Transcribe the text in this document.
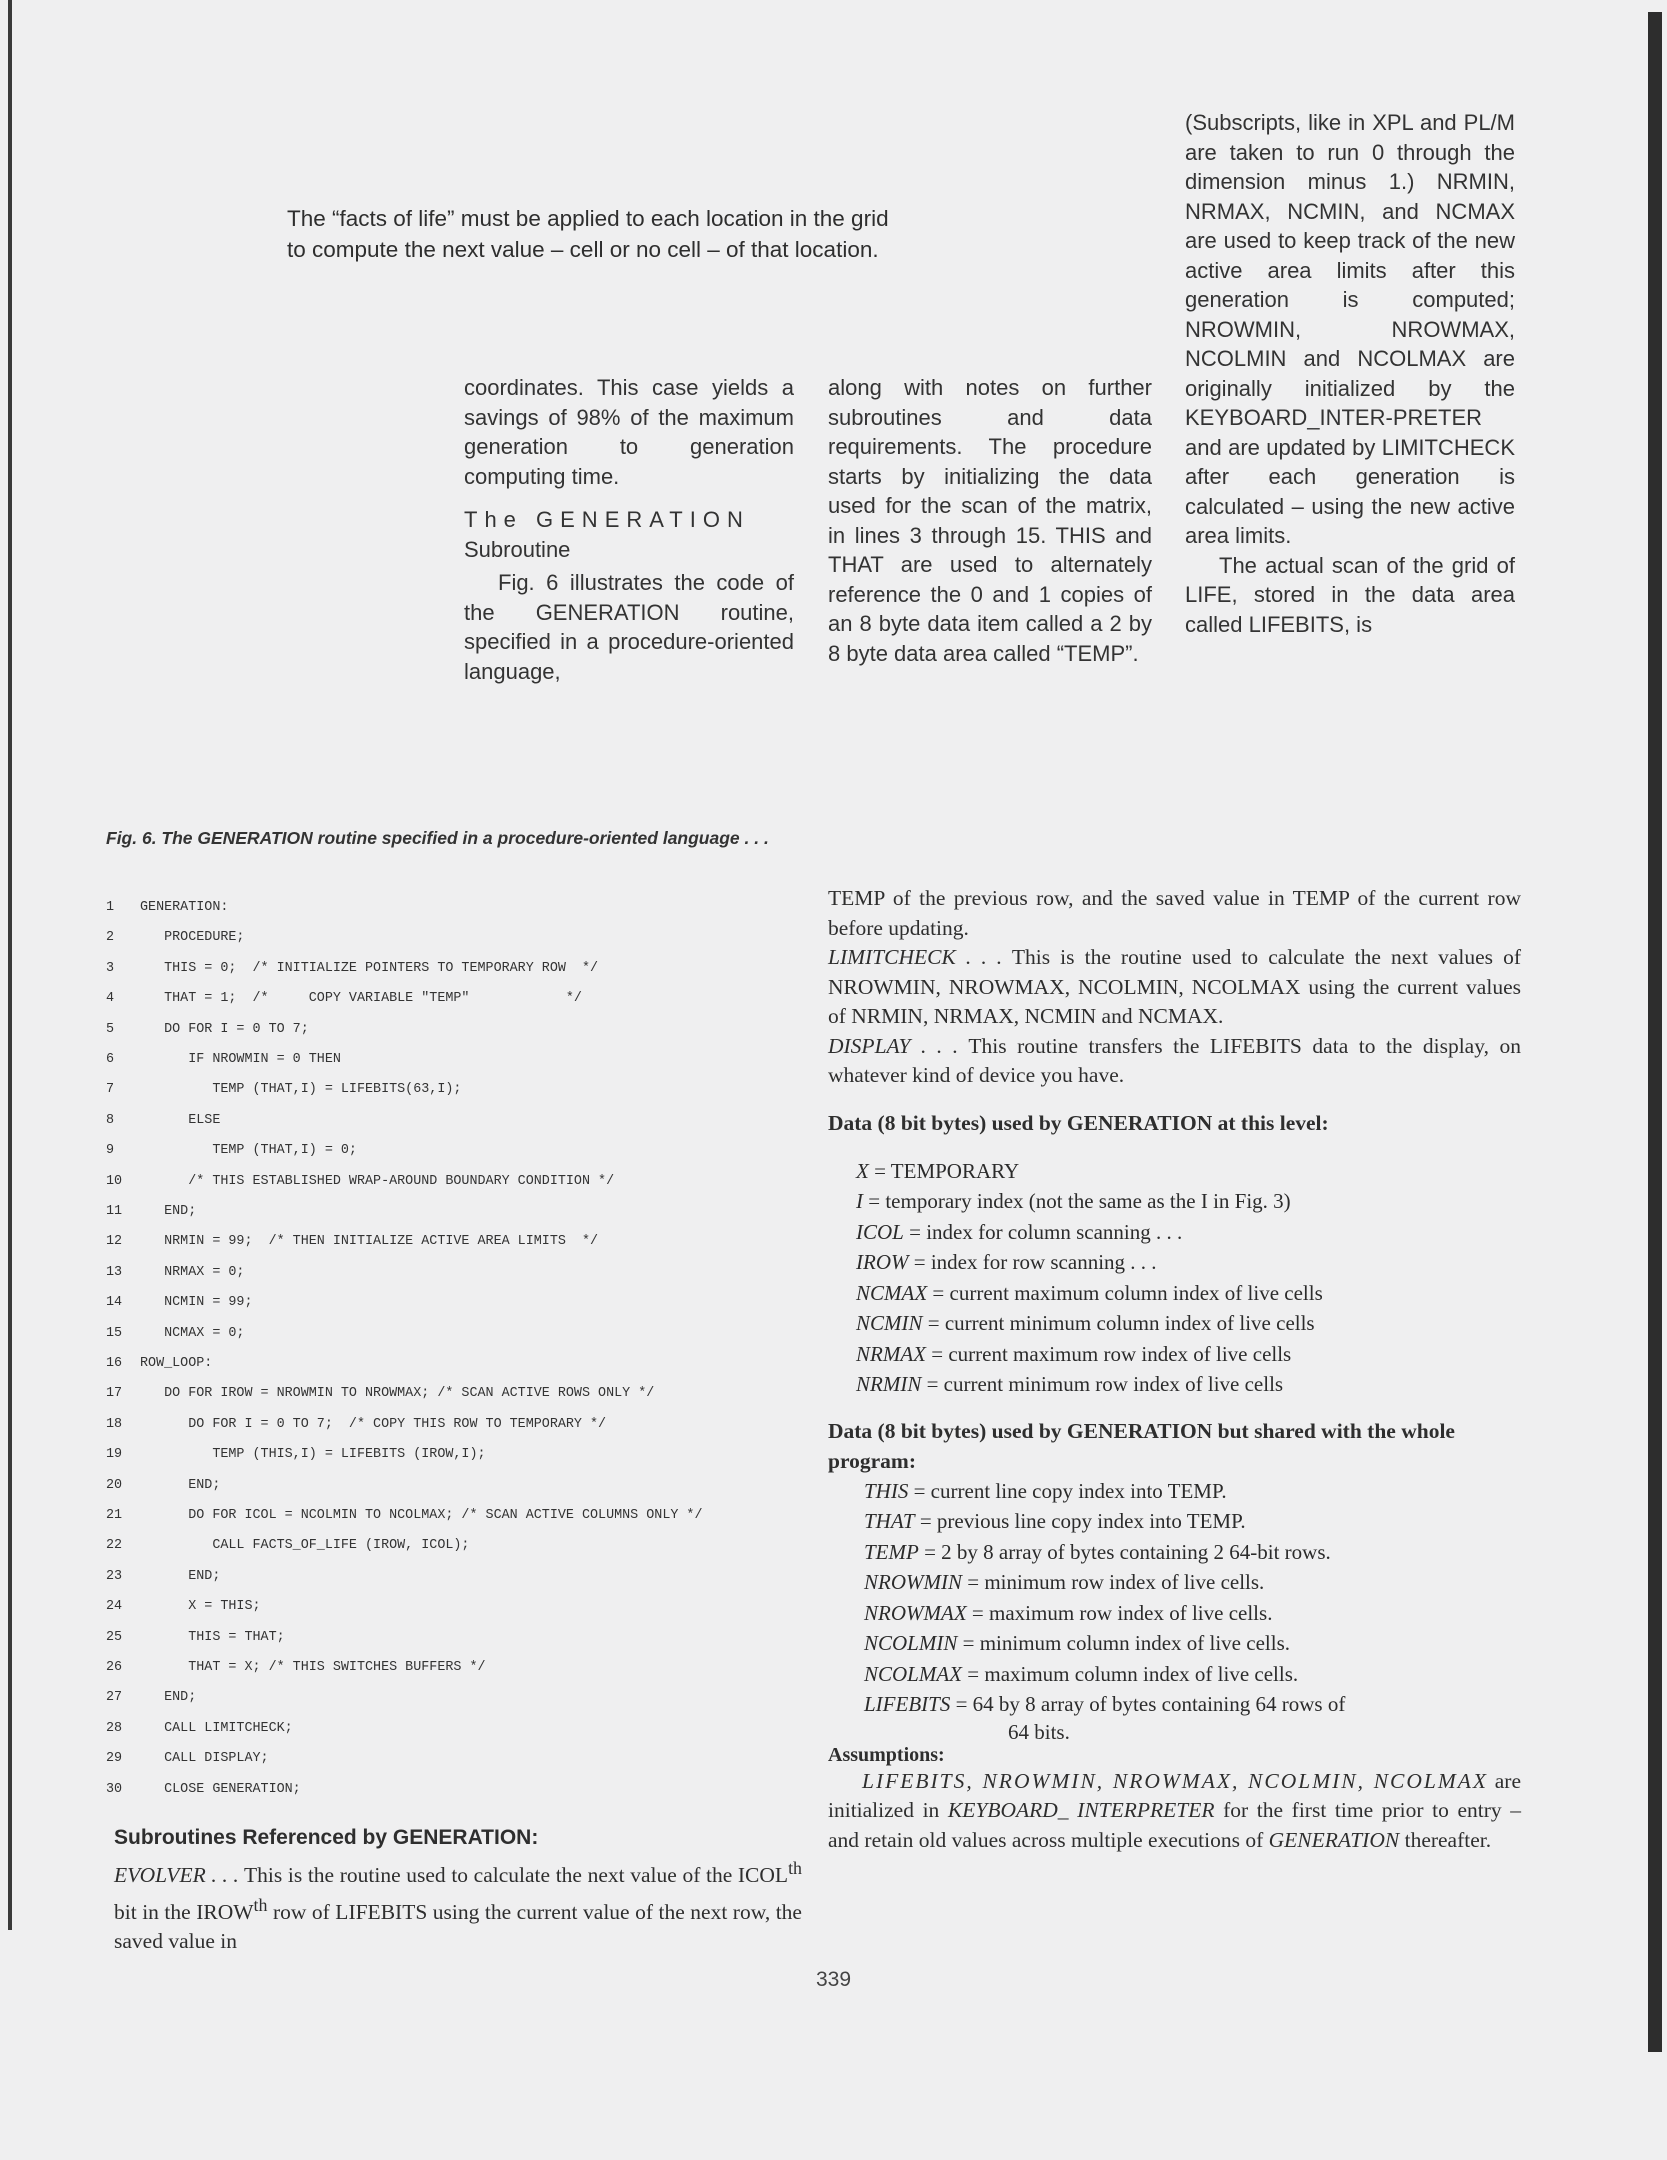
The “facts of life” must be applied to each location in the grid

to compute the next value – cell or no cell – of that location.

coordinates. This case yields a savings of 98% of the maximum generation to generation computing time.

The GENERATION

Subroutine

Fig. 6 illustrates the code of the GENERATION routine, specified in a procedure-oriented language,

along with notes on further subroutines and data requirements. The procedure starts by initializing the data used for the scan of the matrix, in lines 3 through 15. THIS and THAT are used to alternately reference the 0 and 1 copies of an 8 byte data item called a 2 by 8 byte data area called “TEMP”.

(Subscripts, like in XPL and PL/M are taken to run 0 through the dimension minus 1.) NRMIN, NRMAX, NCMIN, and NCMAX are used to keep track of the new active area limits after this generation is computed; NROWMIN, NROWMAX, NCOLMIN and NCOLMAX are originally initialized by the KEYBOARD_INTER-PRETER and are updated by LIMITCHECK after each generation is calculated – using the new active area limits.

The actual scan of the grid of LIFE, stored in the data area called LIFEBITS, is

Fig. 6. The GENERATION routine specified in a procedure-oriented language . . .
1	GENERATION:
2	PROCEDURE;
3	THIS = 0;  /* INITIALIZE POINTERS TO TEMPORARY ROW  */
4	THAT = 1;  /*     COPY VARIABLE "TEMP"            */
5	DO FOR I = 0 TO 7;
6	IF NROWMIN = 0 THEN
7	TEMP (THAT,I) = LIFEBITS(63,I);
8	ELSE
9	TEMP (THAT,I) = 0;
10	/* THIS ESTABLISHED WRAP-AROUND BOUNDARY CONDITION */
11	END;
12	NRMIN = 99;  /* THEN INITIALIZE ACTIVE AREA LIMITS  */
13	NRMAX = 0;
14	NCMIN = 99;
15	NCMAX = 0;
16	ROW_LOOP:
17	DO FOR IROW = NROWMIN TO NROWMAX; /* SCAN ACTIVE ROWS ONLY */
18	DO FOR I = 0 TO 7;  /* COPY THIS ROW TO TEMPORARY */
19	TEMP (THIS,I) = LIFEBITS (IROW,I);
20	END;
21	DO FOR ICOL = NCOLMIN TO NCOLMAX; /* SCAN ACTIVE COLUMNS ONLY */
22	CALL FACTS_OF_LIFE (IROW, ICOL);
23	END;
24	X = THIS;
25	THIS = THAT;
26	THAT = X; /* THIS SWITCHES BUFFERS */
27	END;
28	CALL LIMITCHECK;
29	CALL DISPLAY;
30	CLOSE GENERATION;
Subroutines Referenced by GENERATION:
EVOLVER . . . This is the routine used to calculate the next value of the $ICOL^{th}$ bit in the $IROW^{th}$ row of LIFEBITS using the current value of the next row, the saved value in
TEMP of the previous row, and the saved value in TEMP of the current row before updating.
LIMITCHECK . . . This is the routine used to calculate the next values of NROWMIN, NROWMAX, NCOLMIN, NCOLMAX using the current values of NRMIN, NRMAX, NCMIN and NCMAX.
DISPLAY . . . This routine transfers the LIFEBITS data to the display, on whatever kind of device you have.
Data (8 bit bytes) used by GENERATION at this level:
X = TEMPORARY
I = temporary index (not the same as the I in Fig. 3)
ICOL = index for column scanning . . .
IROW = index for row scanning . . .
NCMAX = current maximum column index of live cells
NCMIN = current minimum column index of live cells
NRMAX = current maximum row index of live cells
NRMIN = current minimum row index of live cells
Data (8 bit bytes) used by GENERATION but shared with the whole program:
THIS = current line copy index into TEMP.
THAT = previous line copy index into TEMP.
TEMP = 2 by 8 array of bytes containing 2 64-bit rows.
NROWMIN = minimum row index of live cells.
NROWMAX = maximum row index of live cells.
NCOLMIN = minimum column index of live cells.
NCOLMAX = maximum column index of live cells.
LIFEBITS = 64 by 8 array of bytes containing 64 rows of
64 bits.
Assumptions:
LIFEBITS, NROWMIN, NROWMAX, NCOLMIN, NCOLMAX are initialized in KEYBOARD_ INTERPRETER for the first time prior to entry – and retain old values across multiple executions of GENERATION thereafter.
339
